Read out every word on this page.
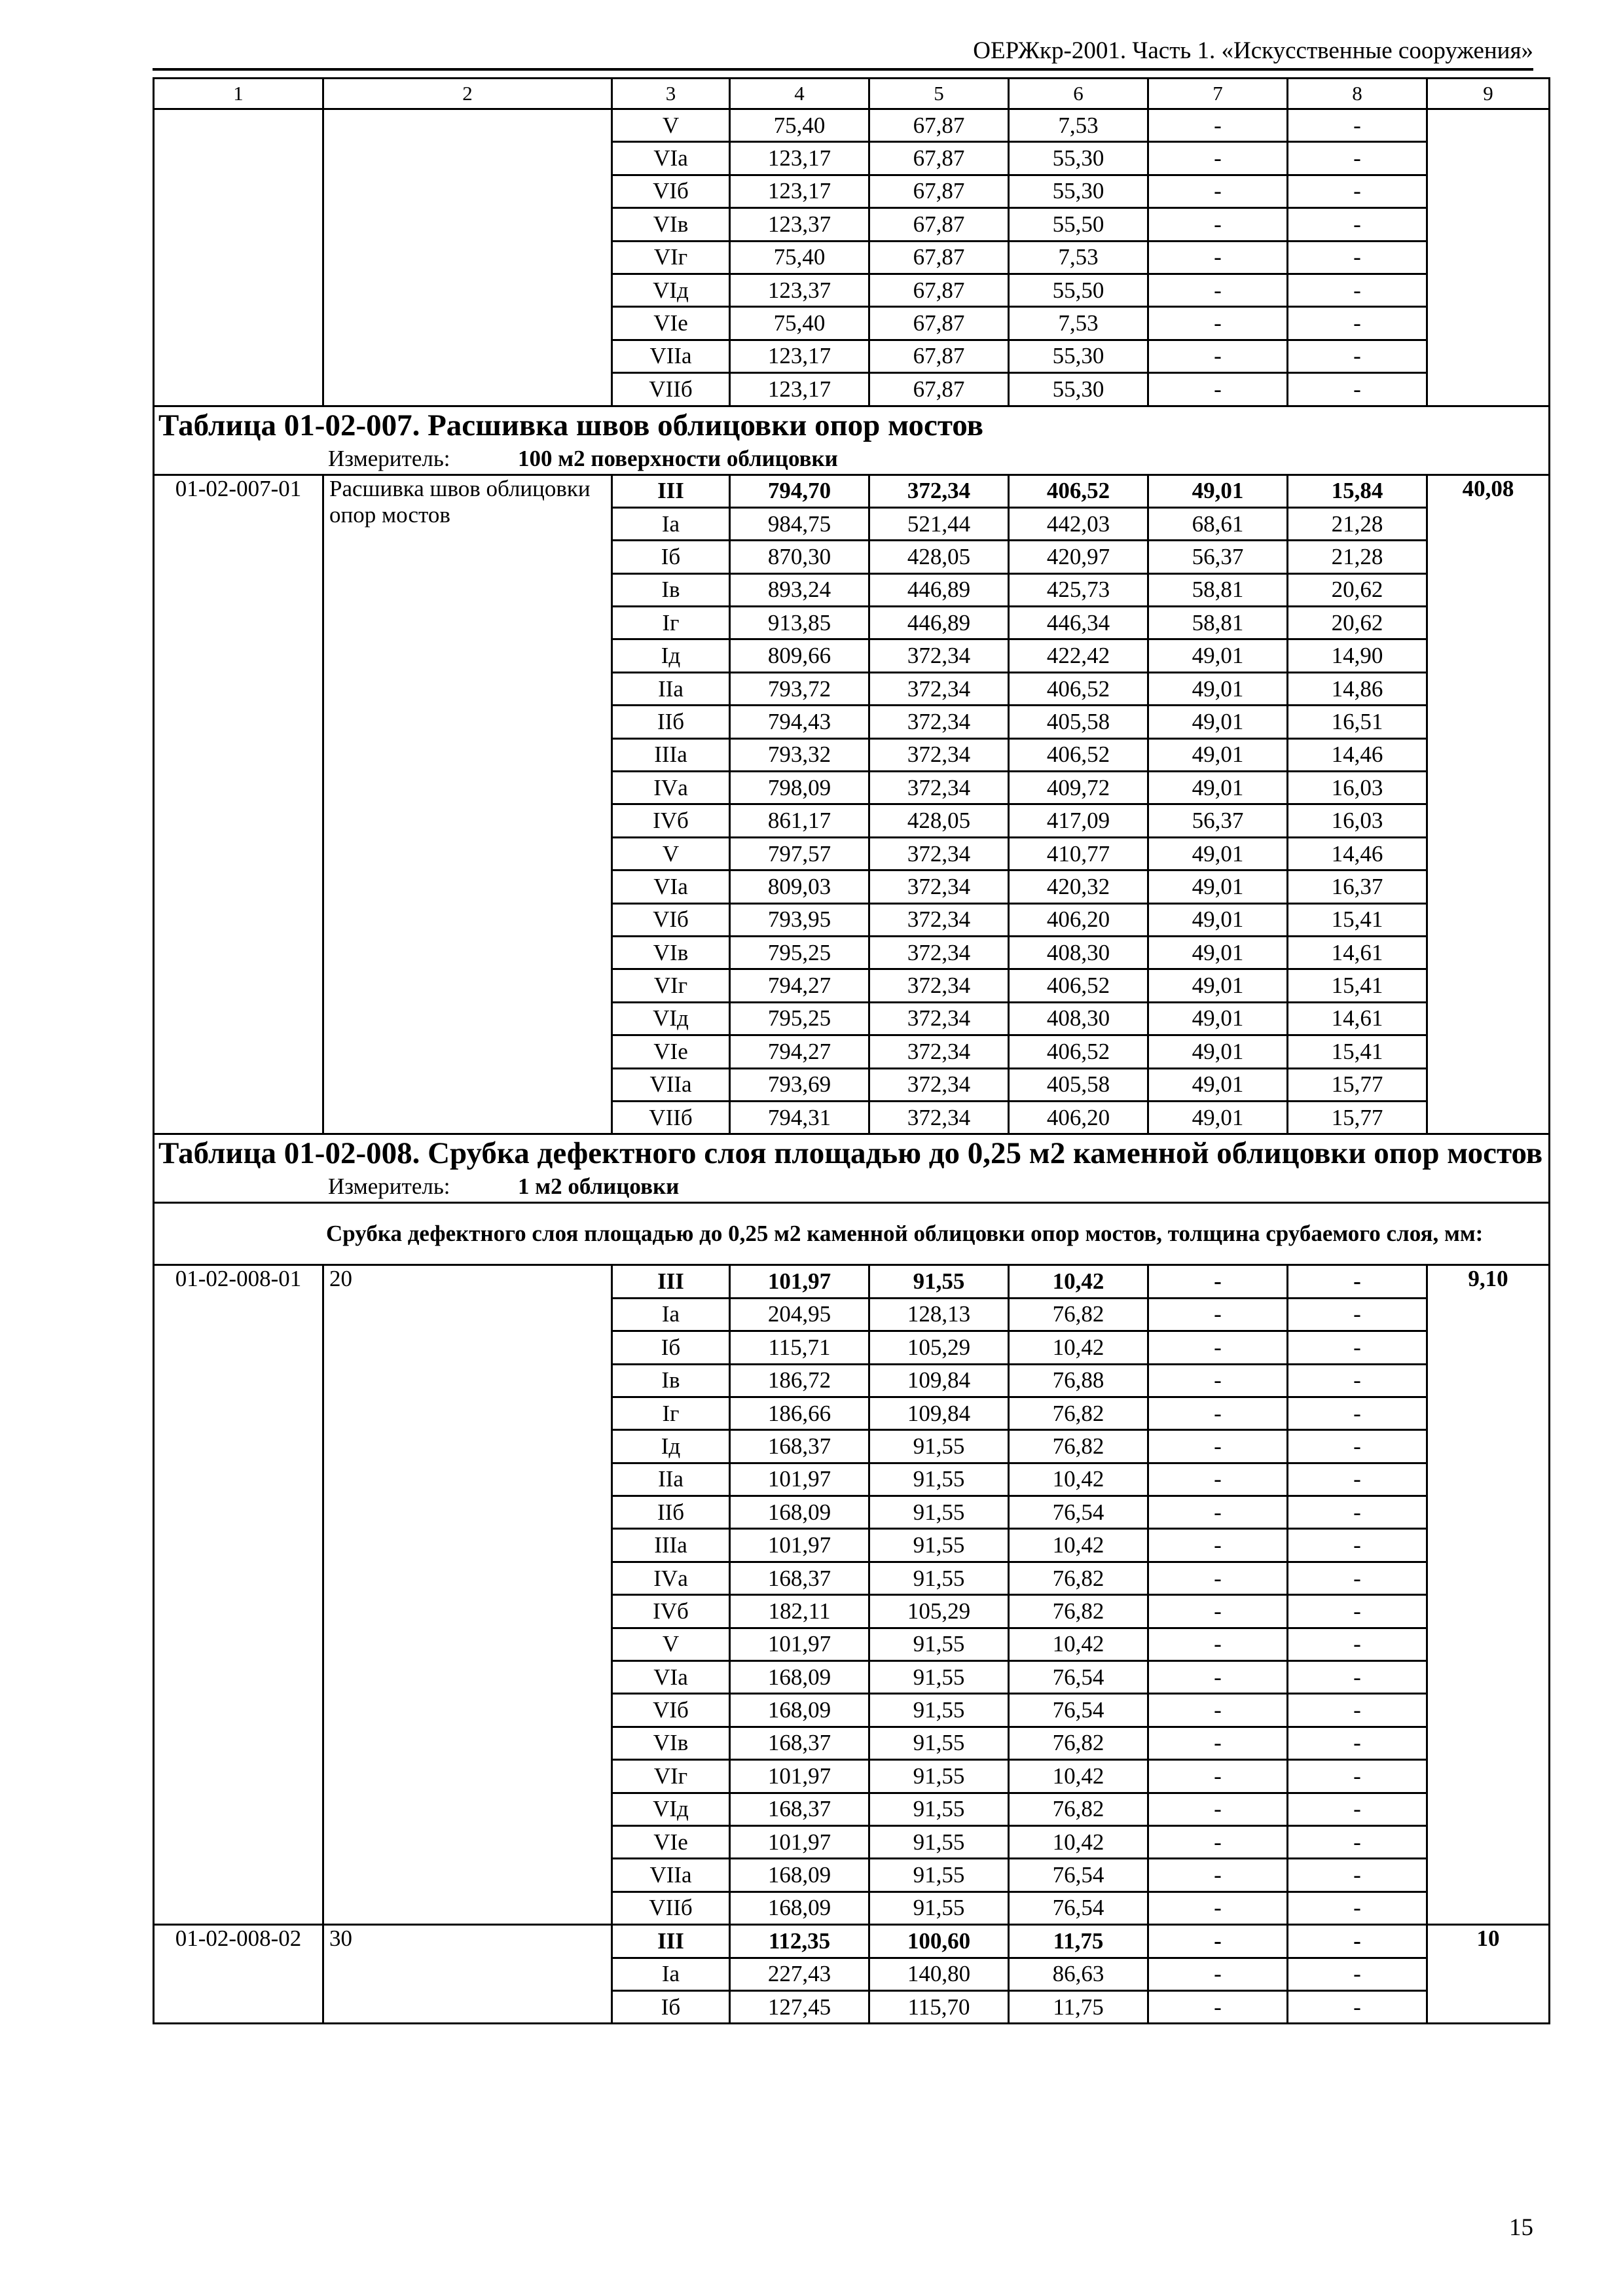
ОЕРЖкр-2001. Часть 1. «Искусственные сооружения»
1	2	3	4	5	6	7	8	9
		V	75,40	67,87	7,53	-	-	
		VIа	123,17	67,87	55,30	-	-	
		VIб	123,17	67,87	55,30	-	-	
		VIв	123,37	67,87	55,50	-	-	
		VIг	75,40	67,87	7,53	-	-	
		VIд	123,37	67,87	55,50	-	-	
		VIе	75,40	67,87	7,53	-	-	
		VIIа	123,17	67,87	55,30	-	-	
		VIIб	123,17	67,87	55,30	-	-	
Таблица 01-02-007. Расшивка швов облицовки опор мостов								
Измеритель: 100 м2 поверхности облицовки								
01-02-007-01	Расшивка швов облицовки опор мостов	III	794,70	372,34	406,52	49,01	15,84	40,08
		Iа	984,75	521,44	442,03	68,61	21,28	
		Iб	870,30	428,05	420,97	56,37	21,28	
		Iв	893,24	446,89	425,73	58,81	20,62	
		Iг	913,85	446,89	446,34	58,81	20,62	
		Iд	809,66	372,34	422,42	49,01	14,90	
		IIа	793,72	372,34	406,52	49,01	14,86	
		IIб	794,43	372,34	405,58	49,01	16,51	
		IIIа	793,32	372,34	406,52	49,01	14,46	
		IVа	798,09	372,34	409,72	49,01	16,03	
		IVб	861,17	428,05	417,09	56,37	16,03	
		V	797,57	372,34	410,77	49,01	14,46	
		VIа	809,03	372,34	420,32	49,01	16,37	
		VIб	793,95	372,34	406,20	49,01	15,41	
		VIв	795,25	372,34	408,30	49,01	14,61	
		VIг	794,27	372,34	406,52	49,01	15,41	
		VIд	795,25	372,34	408,30	49,01	14,61	
		VIе	794,27	372,34	406,52	49,01	15,41	
		VIIа	793,69	372,34	405,58	49,01	15,77	
		VIIб	794,31	372,34	406,20	49,01	15,77	
Таблица 01-02-008. Срубка дефектного слоя площадью до 0,25 м2 каменной облицовки опор мостов								
Измеритель: 1 м2 облицовки								
Срубка дефектного слоя площадью до 0,25 м2 каменной облицовки опор мостов, толщина срубаемого слоя, мм:								
01-02-008-01	20	III	101,97	91,55	10,42	-	-	9,10
		Iа	204,95	128,13	76,82	-	-	
		Iб	115,71	105,29	10,42	-	-	
		Iв	186,72	109,84	76,88	-	-	
		Iг	186,66	109,84	76,82	-	-	
		Iд	168,37	91,55	76,82	-	-	
		IIа	101,97	91,55	10,42	-	-	
		IIб	168,09	91,55	76,54	-	-	
		IIIа	101,97	91,55	10,42	-	-	
		IVа	168,37	91,55	76,82	-	-	
		IVб	182,11	105,29	76,82	-	-	
		V	101,97	91,55	10,42	-	-	
		VIа	168,09	91,55	76,54	-	-	
		VIб	168,09	91,55	76,54	-	-	
		VIв	168,37	91,55	76,82	-	-	
		VIг	101,97	91,55	10,42	-	-	
		VIд	168,37	91,55	76,82	-	-	
		VIе	101,97	91,55	10,42	-	-	
		VIIа	168,09	91,55	76,54	-	-	
		VIIб	168,09	91,55	76,54	-	-	
01-02-008-02	30	III	112,35	100,60	11,75	-	-	10
		Iа	227,43	140,80	86,63	-	-	
		Iб	127,45	115,70	11,75	-	-	
15
